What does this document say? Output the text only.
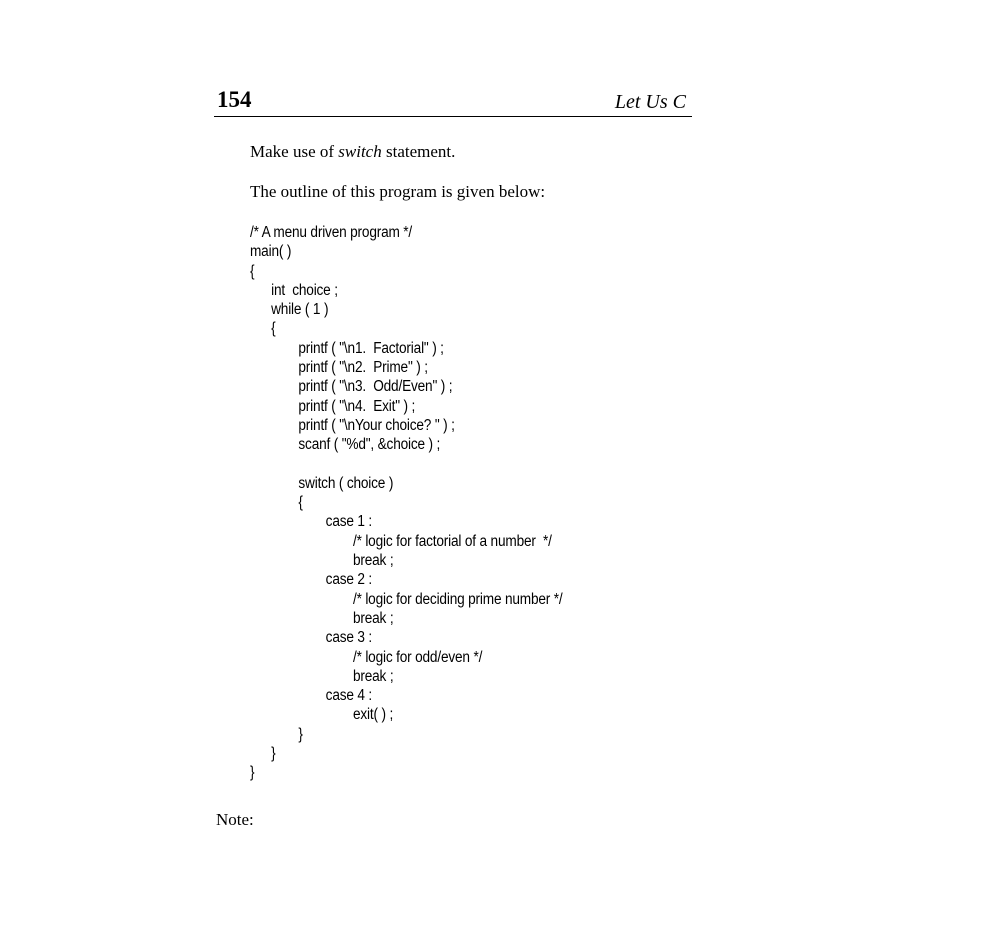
154	Let Us C
Make use of switch statement.
The outline of this program is given below:
/* A menu driven program */
main( )
{
int  choice ;
while ( 1 )
{
printf ( "\n1.  Factorial" ) ;
printf ( "\n2.  Prime" ) ;
printf ( "\n3.  Odd/Even" ) ;
printf ( "\n4.  Exit" ) ;
printf ( "\nYour choice? " ) ;
scanf ( "%d", &choice ) ;
switch ( choice )
{
case 1 :
/* logic for factorial of a number  */
break ;
case 2 :
/* logic for deciding prime number */
break ;
case 3 :
/* logic for odd/even */
break ;
case 4 :
exit( ) ;
}
}
}
Note:
